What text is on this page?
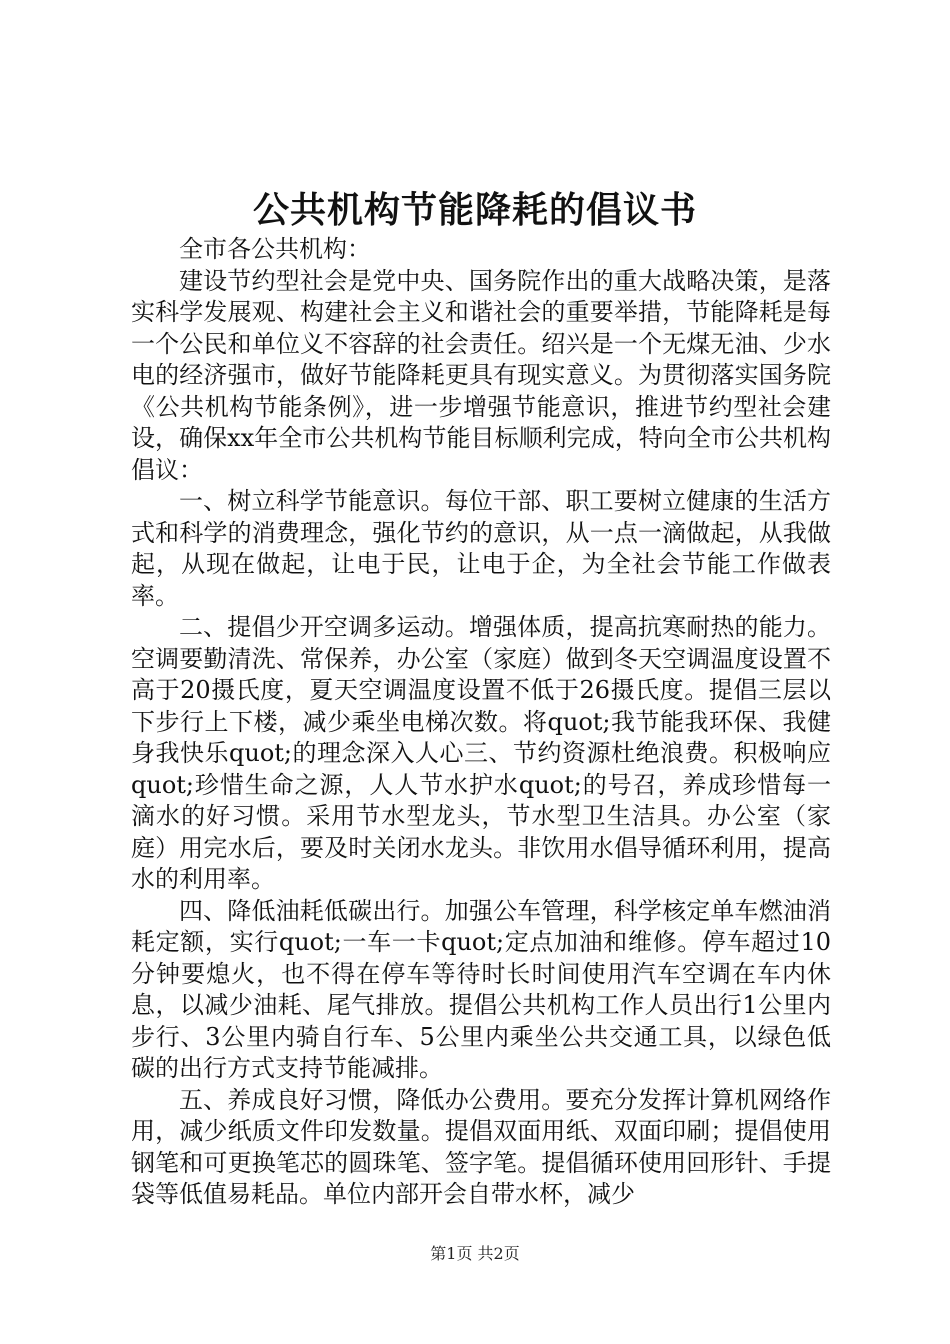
公共机构节能降耗的倡议书

全市各公共机构：

建设节约型社会是党中央、国务院作出的重大战略决策，是落实科学发展观、构建社会主义和谐社会的重要举措，节能降耗是每一个公民和单位义不容辞的社会责任。绍兴是一个无煤无油、少水电的经济强市，做好节能降耗更具有现实意义。为贯彻落实国务院《公共机构节能条例》，进一步增强节能意识，推进节约型社会建设，确保xx年全市公共机构节能目标顺利完成，特向全市公共机构倡议：

一、树立科学节能意识。每位干部、职工要树立健康的生活方式和科学的消费理念，强化节约的意识，从一点一滴做起，从我做起，从现在做起，让电于民，让电于企，为全社会节能工作做表率。

二、提倡少开空调多运动。增强体质，提高抗寒耐热的能力。空调要勤清洗、常保养，办公室（家庭）做到冬天空调温度设置不高于20摄氏度，夏天空调温度设置不低于26摄氏度。提倡三层以下步行上下楼，减少乘坐电梯次数。将quot;我节能我环保、我健身我快乐quot;的理念深入人心三、节约资源杜绝浪费。积极响应quot;珍惜生命之源，人人节水护水quot;的号召，养成珍惜每一滴水的好习惯。采用节水型龙头，节水型卫生洁具。办公室（家庭）用完水后，要及时关闭水龙头。非饮用水倡导循环利用，提高水的利用率。

四、降低油耗低碳出行。加强公车管理，科学核定单车燃油消耗定额，实行quot;一车一卡quot;定点加油和维修。停车超过10分钟要熄火，也不得在停车等待时长时间使用汽车空调在车内休息，以减少油耗、尾气排放。提倡公共机构工作人员出行1公里内步行、3公里内骑自行车、5公里内乘坐公共交通工具，以绿色低碳的出行方式支持节能减排。

五、养成良好习惯，降低办公费用。要充分发挥计算机网络作用，减少纸质文件印发数量。提倡双面用纸、双面印刷；提倡使用钢笔和可更换笔芯的圆珠笔、签字笔。提倡循环使用回形针、手提袋等低值易耗品。单位内部开会自带水杯，减少

第1页 共2页
